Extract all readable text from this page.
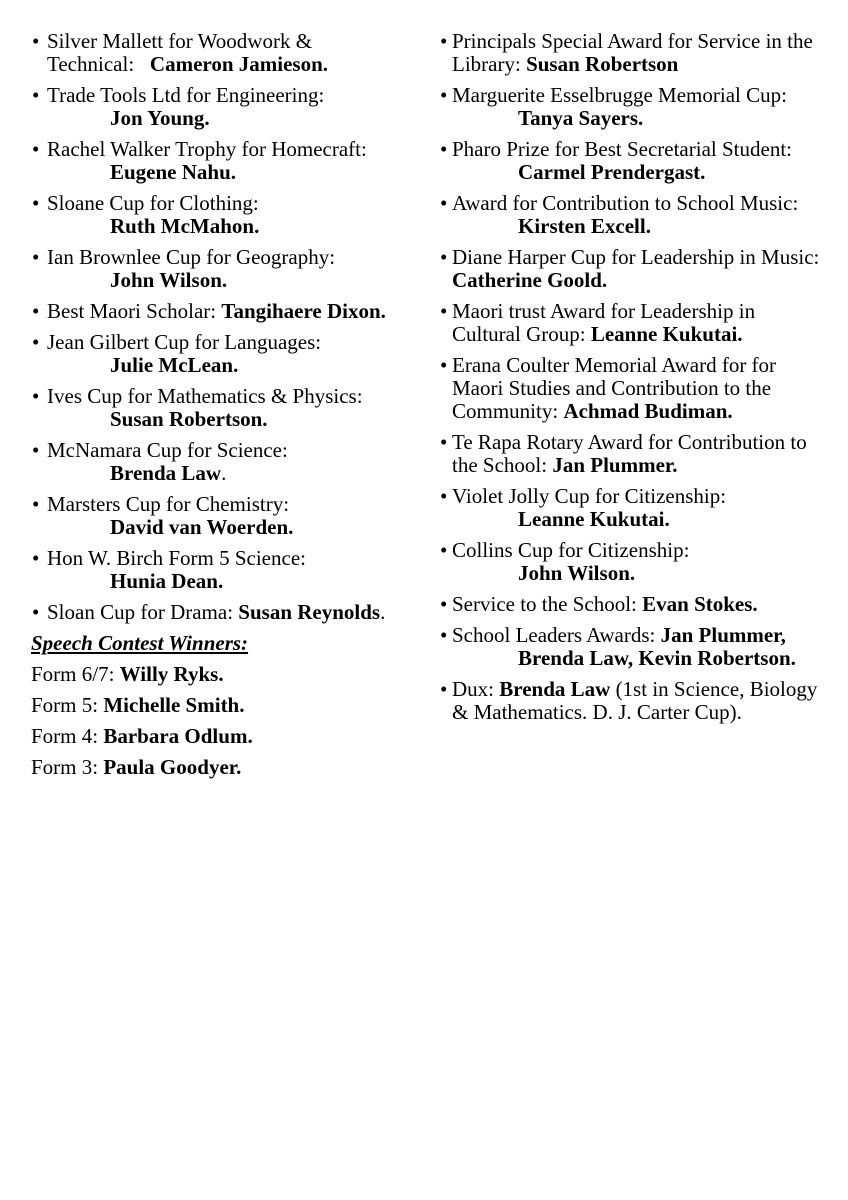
• Silver Mallett for Woodwork & Technical:   Cameron Jamieson.
• Trade Tools Ltd for Engineering:
Jon Young.
• Rachel Walker Trophy for Homecraft:
Eugene Nahu.
• Sloane Cup for Clothing:
Ruth McMahon.
• Ian Brownlee Cup for Geography:
John Wilson.
• Best Maori Scholar: Tangihaere Dixon.
• Jean Gilbert Cup for Languages:
Julie McLean.
• Ives Cup for Mathematics & Physics:
Susan Robertson.
• McNamara Cup for Science:
Brenda Law.
• Marsters Cup for Chemistry:
David van Woerden.
• Hon W. Birch Form 5 Science:
Hunia Dean.
• Sloan Cup for Drama: Susan Reynolds.
Speech Contest Winners:
Form 6/7: Willy Ryks.
Form 5: Michelle Smith.
Form 4: Barbara Odlum.
Form 3: Paula Goodyer.
• Principals Special Award for Service in the Library: Susan Robertson
• Marguerite Esselbrugge Memorial Cup:
Tanya Sayers.
• Pharo Prize for Best Secretarial Student:
Carmel Prendergast.
• Award for Contribution to School Music:
Kirsten Excell.
• Diane Harper Cup for Leadership in Music: Catherine Goold.
• Maori trust Award for Leadership in Cultural Group: Leanne Kukutai.
• Erana Coulter Memorial Award for for Maori Studies and Contribution to the Community: Achmad Budiman.
• Te Rapa Rotary Award for Contribution to the School: Jan Plummer.
• Violet Jolly Cup for Citizenship:
Leanne Kukutai.
• Collins Cup for Citizenship:
John Wilson.
• Service to the School: Evan Stokes.
• School Leaders Awards: Jan Plummer,
Brenda Law, Kevin Robertson.
• Dux: Brenda Law (1st in Science, Biology & Mathematics. D. J. Carter Cup).
